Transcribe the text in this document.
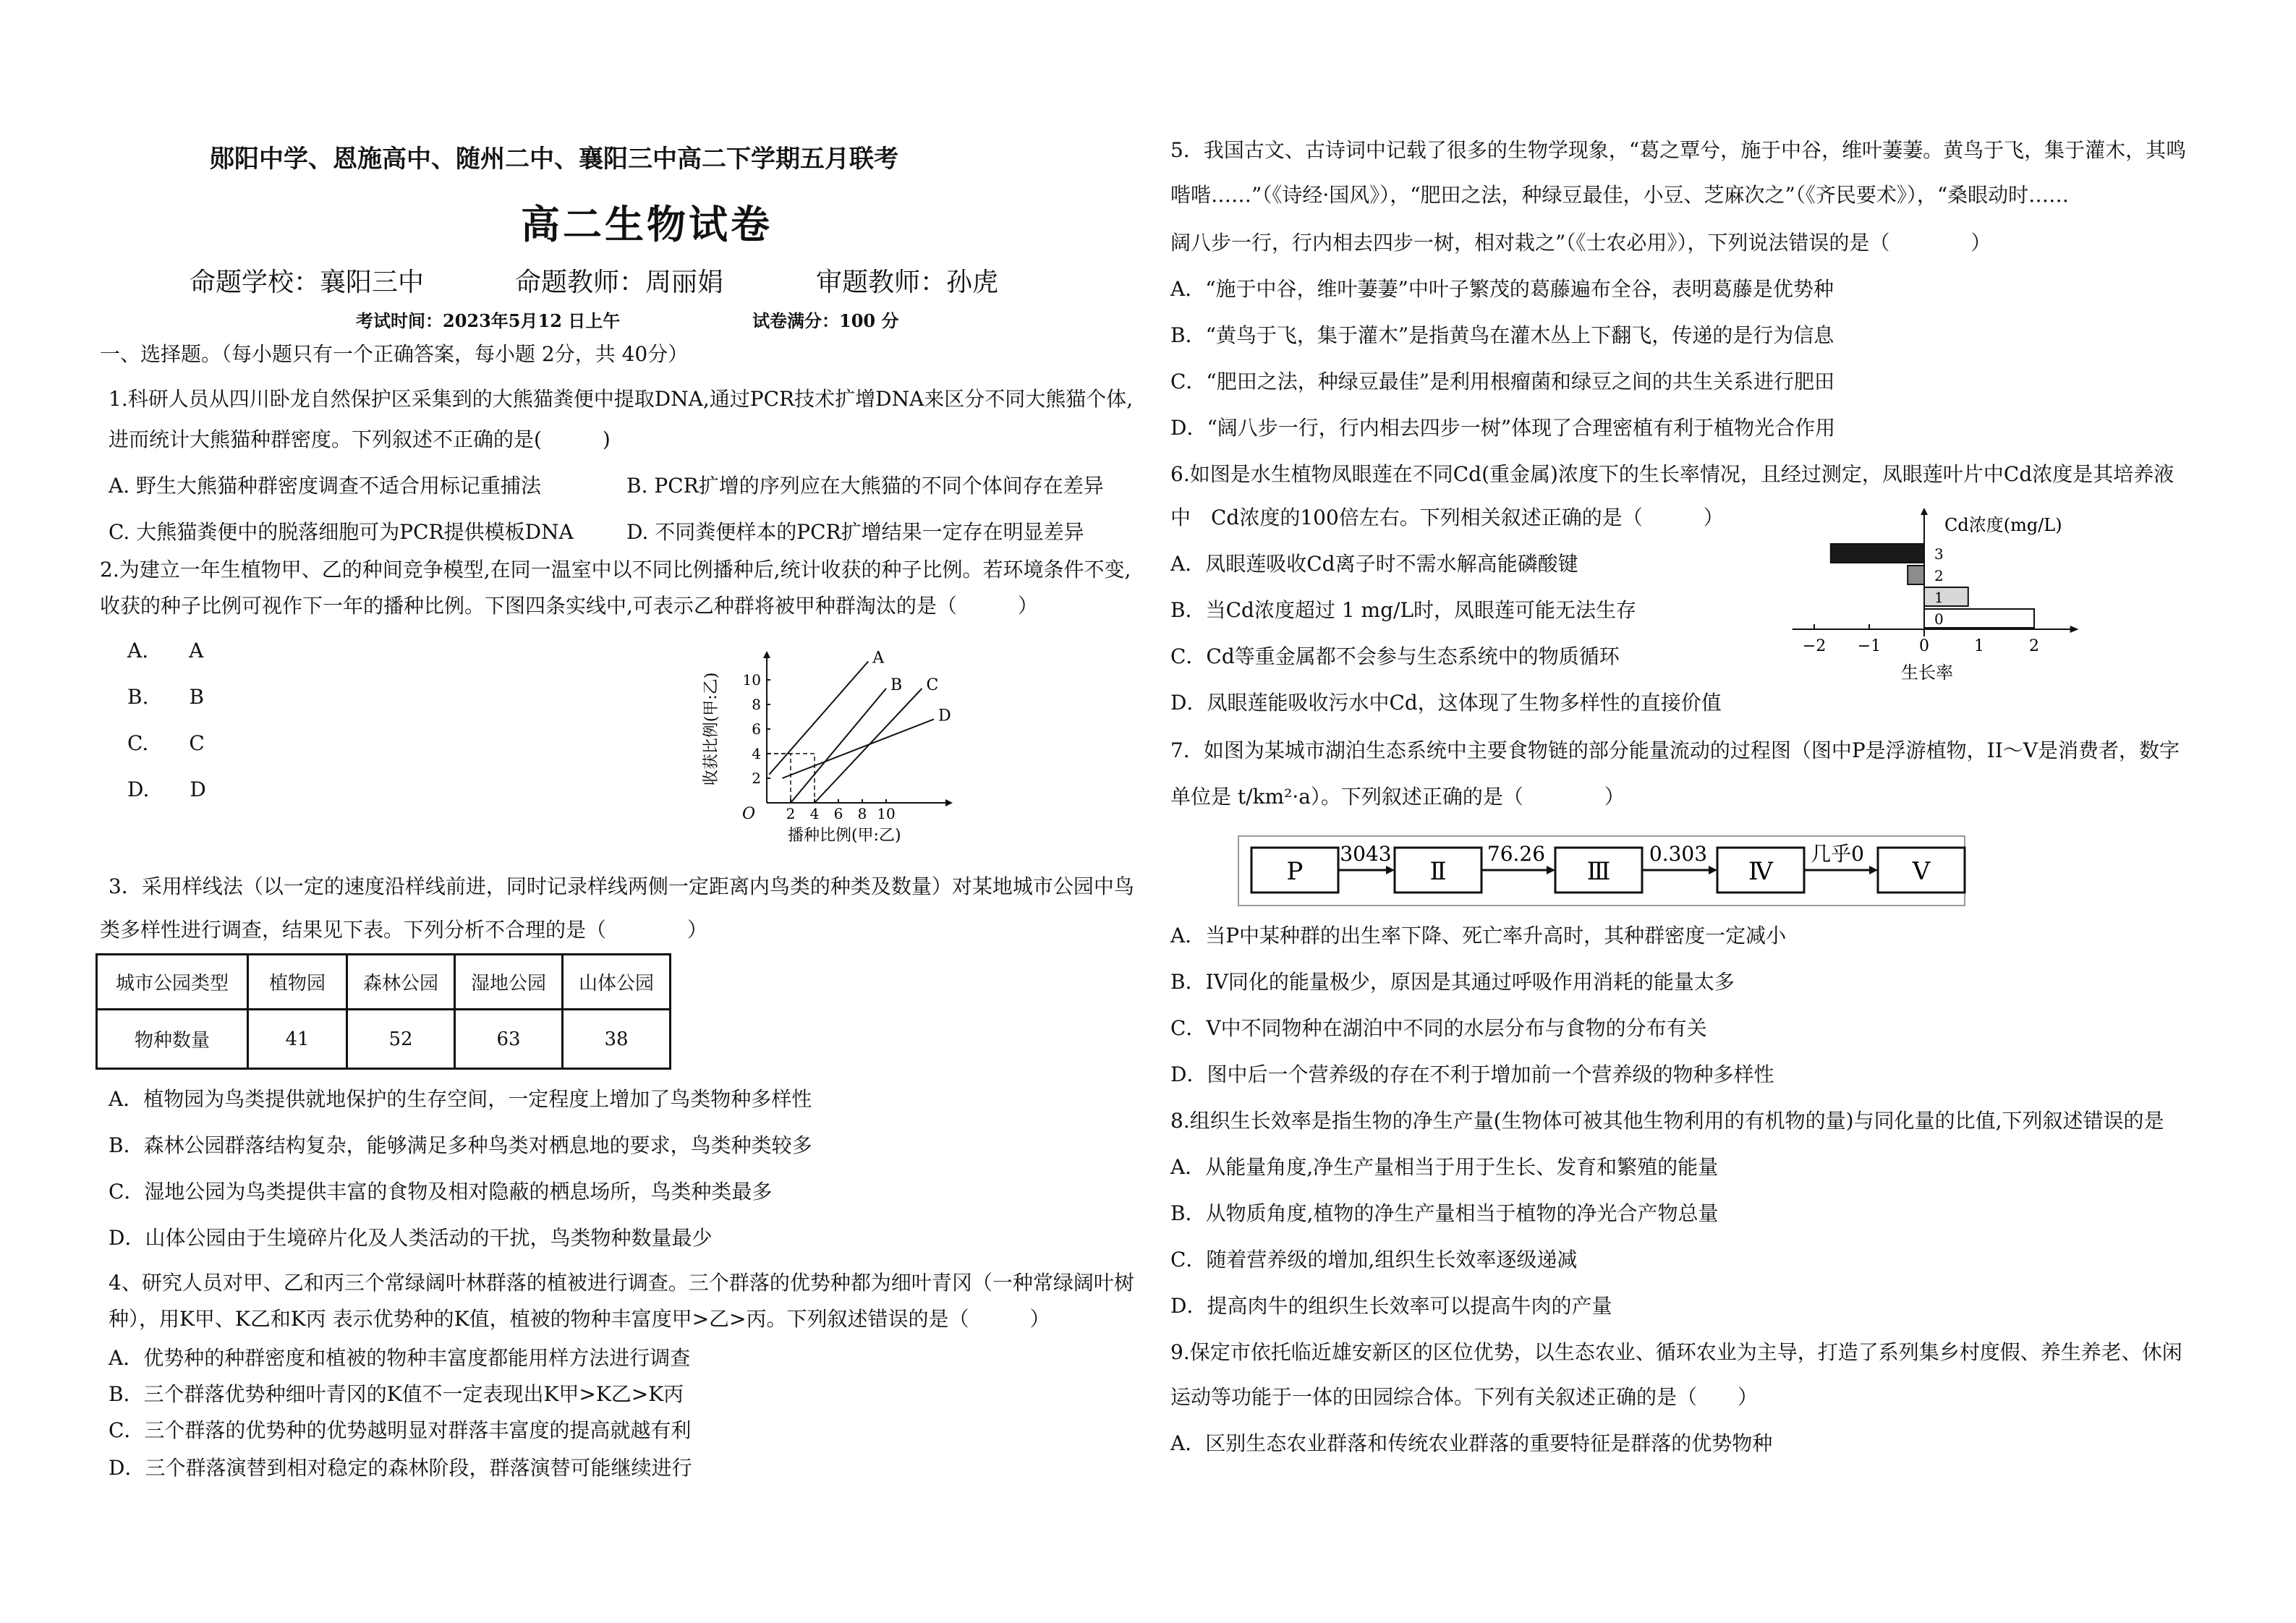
郧阳中学、恩施高中、随州二中、襄阳三中高二下学期五月联考
高二生物试卷
命题学校：襄阳三中	命题教师：周丽娟	审题教师：孙虎
考试时间：2023年5月12 日上午	试卷满分：100 分
一、选择题。（每小题只有一个正确答案，每小题 2分，共 40分）
1.科研人员从四川卧龙自然保护区采集到的大熊猫粪便中提取DNA,通过PCR技术扩增DNA来区分不同大熊猫个体,
进而统计大熊猫种群密度。下列叙述不正确的是(　　　)
A. 野生大熊猫种群密度调查不适合用标记重捕法	B. PCR扩增的序列应在大熊猫的不同个体间存在差异
C. 大熊猫粪便中的脱落细胞可为PCR提供模板DNA	D. 不同粪便样本的PCR扩增结果一定存在明显差异
2.为建立一年生植物甲、乙的种间竞争模型,在同一温室中以不同比例播种后,统计收获的种子比例。若环境条件不变,
收获的种子比例可视作下一年的播种比例。下图四条实线中,可表示乙种群将被甲种群淘汰的是（　　　）
A.　　A
B.　　B
C.　　C
D.　　D
2 4 6 8 10
2
4
6
8
10
O
A
B C
D
播种比例(甲:乙)
收获比例(甲:乙)
3．采用样线法（以一定的速度沿样线前进，同时记录样线两侧一定距离内鸟类的种类及数量）对某地城市公园中鸟
类多样性进行调查，结果见下表。下列分析不合理的是（　　　　）
城市公园类型	植物园	森林公园	湿地公园	山体公园
物种数量	41	52	63	38
A．植物园为鸟类提供就地保护的生存空间，一定程度上增加了鸟类物种多样性
B．森林公园群落结构复杂，能够满足多种鸟类对栖息地的要求，鸟类种类较多
C．湿地公园为鸟类提供丰富的食物及相对隐蔽的栖息场所，鸟类种类最多
D．山体公园由于生境碎片化及人类活动的干扰，鸟类物种数量最少
4、研究人员对甲、乙和丙三个常绿阔叶林群落的植被进行调查。三个群落的优势种都为细叶青冈（一种常绿阔叶树
种），用K甲、K乙和K丙 表示优势种的K值，植被的物种丰富度甲>乙>丙。下列叙述错误的是（　　　）
A．优势种的种群密度和植被的物种丰富度都能用样方法进行调查
B．三个群落优势种细叶青冈的K值不一定表现出K甲>K乙>K丙
C．三个群落的优势种的优势越明显对群落丰富度的提高就越有利
D．三个群落演替到相对稳定的森林阶段，群落演替可能继续进行
5．我国古文、古诗词中记载了很多的生物学现象，“葛之覃兮，施于中谷，维叶萋萋。黄鸟于飞，集于灌木，其鸣
喈喈……”（《诗经·国风》），“肥田之法，种绿豆最佳，小豆、芝麻次之”（《齐民要术》），“桑眼动时……
阔八步一行，行内相去四步一树，相对栽之”（《士农必用》），下列说法错误的是（　　　　）
A．“施于中谷，维叶萋萋”中叶子繁茂的葛藤遍布全谷，表明葛藤是优势种
B．“黄鸟于飞，集于灌木”是指黄鸟在灌木丛上下翻飞，传递的是行为信息
C．“肥田之法，种绿豆最佳”是利用根瘤菌和绿豆之间的共生关系进行肥田
D．“阔八步一行，行内相去四步一树”体现了合理密植有利于植物光合作用
6.如图是水生植物凤眼莲在不同Cd(重金属)浓度下的生长率情况，且经过测定，凤眼莲叶片中Cd浓度是其培养液
中　Cd浓度的100倍左右。下列相关叙述正确的是（　　　）
A．凤眼莲吸收Cd离子时不需水解高能磷酸键
B．当Cd浓度超过 1 mg/L时，凤眼莲可能无法生存
C．Cd等重金属都不会参与生态系统中的物质循环
D．凤眼莲能吸收污水中Cd，这体现了生物多样性的直接价值
−2 −1 0	1	2
0
1
2
3
Cd浓度(mg/L)
生长率
7．如图为某城市湖泊生态系统中主要食物链的部分能量流动的过程图（图中P是浮游植物，II～V是消费者，数字
单位是 t/km²·a）。下列叙述正确的是（　　　　）
P	Ⅱ	Ⅲ	Ⅳ	V
3043	76.26	0.303	几乎0
A．当P中某种群的出生率下降、死亡率升高时，其种群密度一定减小
B．IV同化的能量极少，原因是其通过呼吸作用消耗的能量太多
C．V中不同物种在湖泊中不同的水层分布与食物的分布有关
D．图中后一个营养级的存在不利于增加前一个营养级的物种多样性
8.组织生长效率是指生物的净生产量(生物体可被其他生物利用的有机物的量)与同化量的比值,下列叙述错误的是
A．从能量角度,净生产量相当于用于生长、发育和繁殖的能量
B．从物质角度,植物的净生产量相当于植物的净光合产物总量
C．随着营养级的增加,组织生长效率逐级递减
D．提高肉牛的组织生长效率可以提高牛肉的产量
9.保定市依托临近雄安新区的区位优势，以生态农业、循环农业为主导，打造了系列集乡村度假、养生养老、休闲
运动等功能于一体的田园综合体。下列有关叙述正确的是（　　）
A．区别生态农业群落和传统农业群落的重要特征是群落的优势物种
